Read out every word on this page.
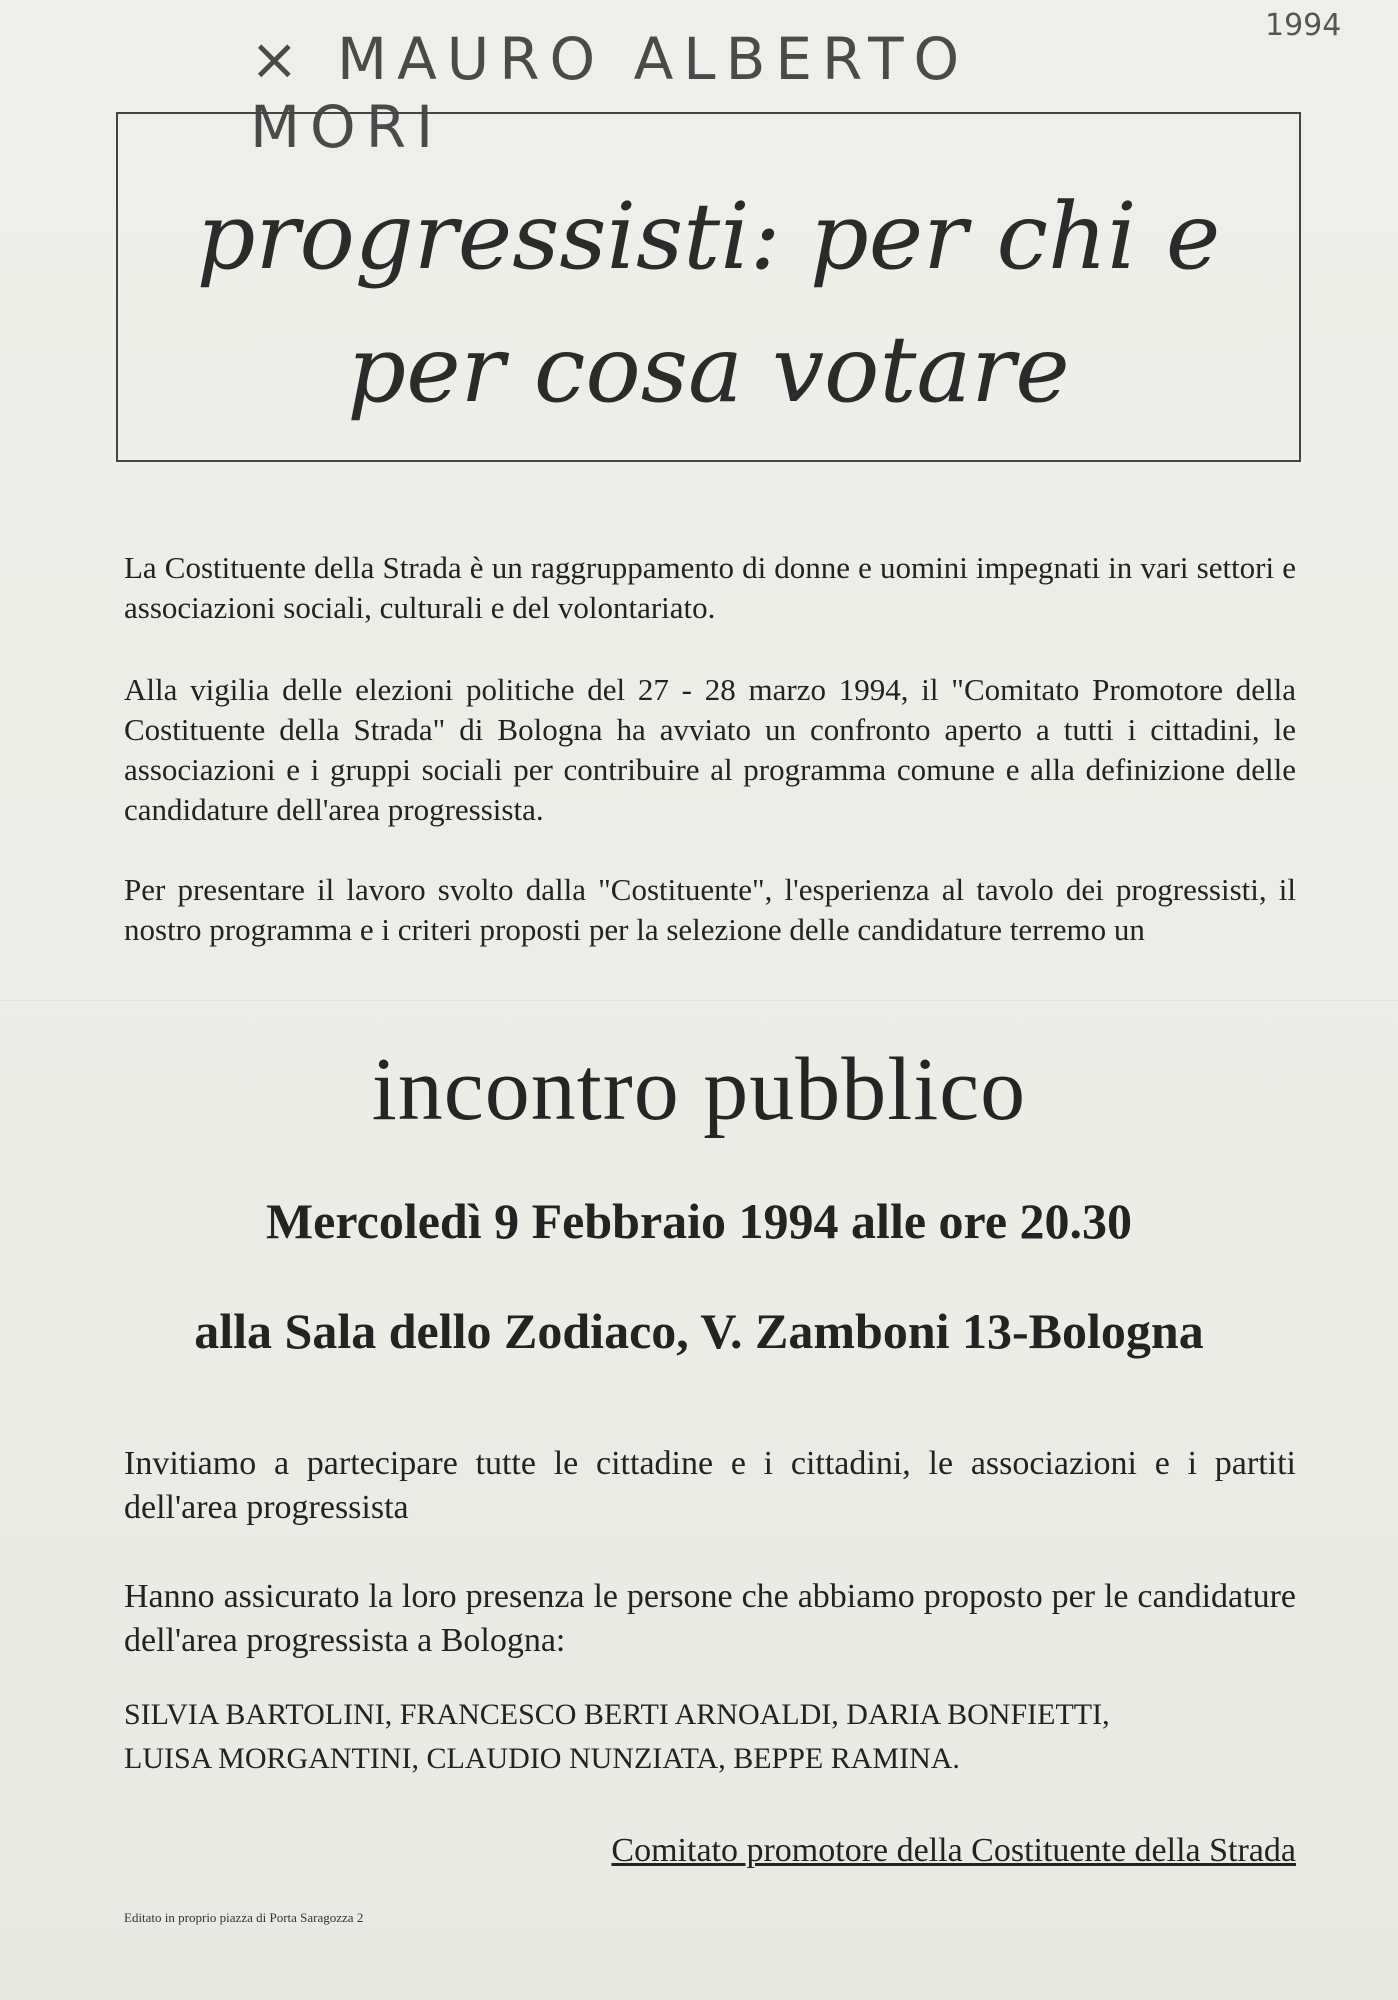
× MAURO ALBERTO MORI
1994
progressisti: per chi e
per cosa votare
La Costituente della Strada è un raggruppamento di donne e uomini impegnati in vari settori e associazioni sociali, culturali e del volontariato.
Alla vigilia delle elezioni politiche del 27 - 28 marzo 1994, il "Comitato Promotore della Costituente della Strada" di Bologna ha avviato un confronto aperto a tutti i cittadini, le associazioni e i gruppi sociali per contribuire al programma comune e alla definizione delle candidature dell'area progressista.
Per presentare il lavoro svolto dalla "Costituente", l'esperienza al tavolo dei progressisti, il nostro programma e i criteri proposti per la selezione delle candidature terremo un
incontro pubblico
Mercoledì 9 Febbraio 1994 alle ore 20.30
alla Sala dello Zodiaco, V. Zamboni 13-Bologna
Invitiamo a partecipare tutte le cittadine e i cittadini, le associazioni e i partiti dell'area progressista
Hanno assicurato la loro presenza le persone che abbiamo proposto per le candidature dell'area progressista a Bologna:
SILVIA BARTOLINI, FRANCESCO BERTI ARNOALDI, DARIA BONFIETTI,
LUISA MORGANTINI, CLAUDIO NUNZIATA, BEPPE RAMINA.
Comitato promotore della Costituente della Strada
Editato in proprio piazza di Porta Saragozza 2
